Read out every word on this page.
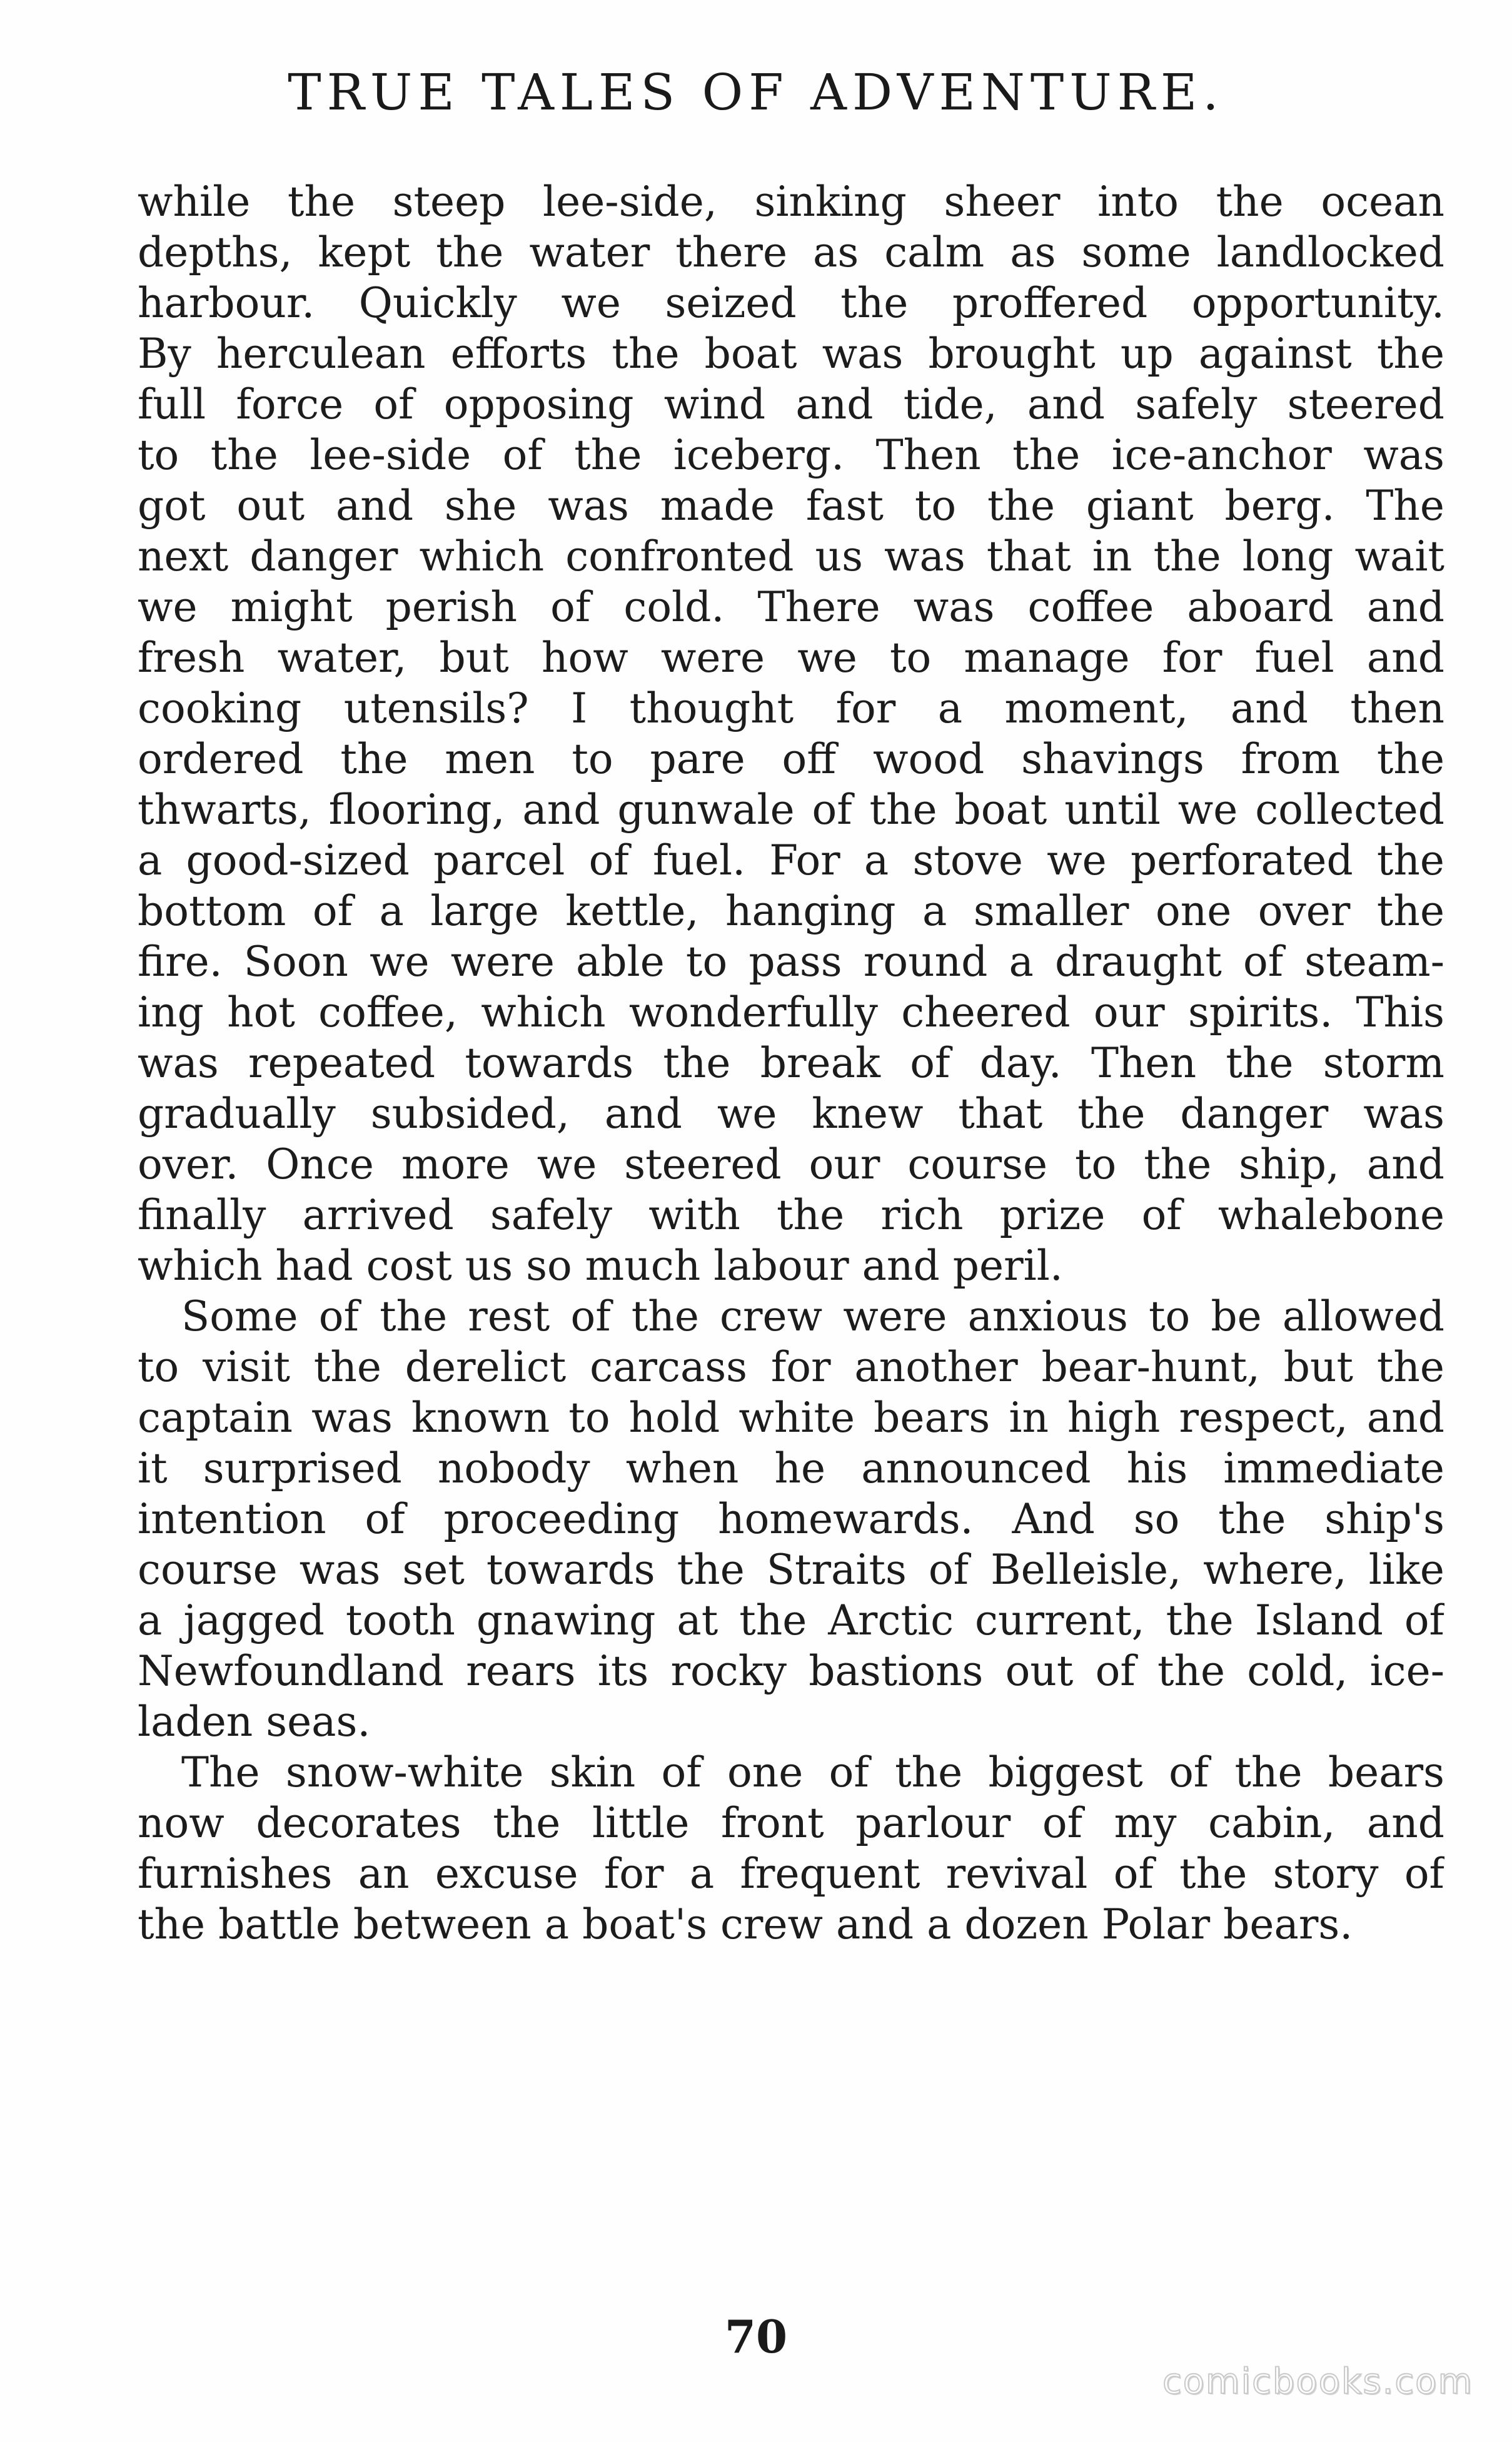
TRUE TALES OF ADVENTURE.
while the steep lee-side, sinking sheer into the ocean
depths, kept the water there as calm as some landlocked
harbour. Quickly we seized the proffered opportunity.
By herculean efforts the boat was brought up against the
full force of opposing wind and tide, and safely steered
to the lee-side of the iceberg. Then the ice-anchor was
got out and she was made fast to the giant berg. The
next danger which confronted us was that in the long wait
we might perish of cold. There was coffee aboard and
fresh water, but how were we to manage for fuel and
cooking utensils? I thought for a moment, and then
ordered the men to pare off wood shavings from the
thwarts, flooring, and gunwale of the boat until we collected
a good-sized parcel of fuel. For a stove we perforated the
bottom of a large kettle, hanging a smaller one over the
fire. Soon we were able to pass round a draught of steam-
ing hot coffee, which wonderfully cheered our spirits. This
was repeated towards the break of day. Then the storm
gradually subsided, and we knew that the danger was
over. Once more we steered our course to the ship, and
finally arrived safely with the rich prize of whalebone
which had cost us so much labour and peril.
Some of the rest of the crew were anxious to be allowed
to visit the derelict carcass for another bear-hunt, but the
captain was known to hold white bears in high respect, and
it surprised nobody when he announced his immediate
intention of proceeding homewards. And so the ship's
course was set towards the Straits of Belleisle, where, like
a jagged tooth gnawing at the Arctic current, the Island of
Newfoundland rears its rocky bastions out of the cold, ice-
laden seas.
The snow-white skin of one of the biggest of the bears
now decorates the little front parlour of my cabin, and
furnishes an excuse for a frequent revival of the story of
the battle between a boat's crew and a dozen Polar bears.
70
comicbooks.com
